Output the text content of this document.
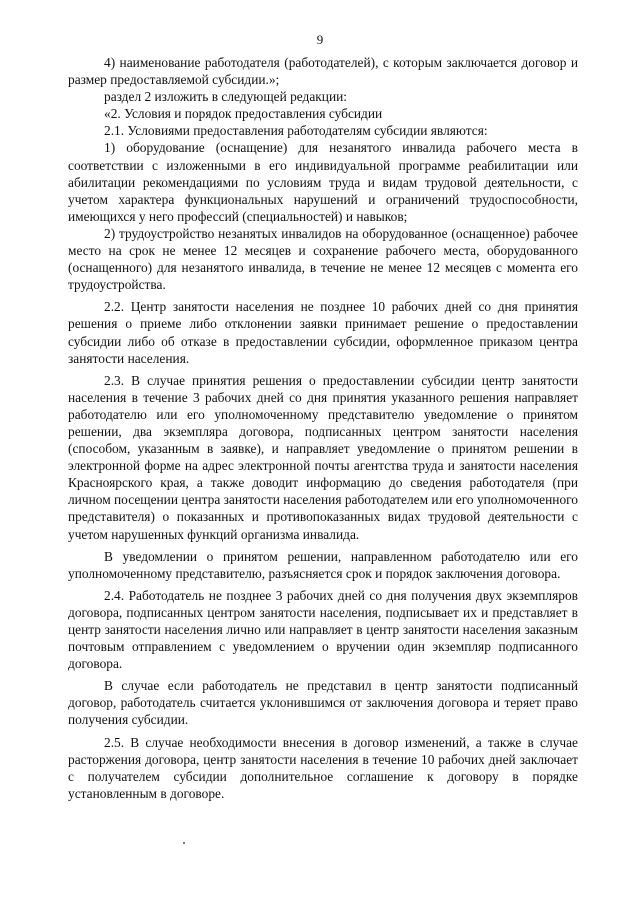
9

4) наименование работодателя (работодателей), с которым заключается договор и размер предоставляемой субсидии.»;

раздел 2 изложить в следующей редакции:

«2. Условия и порядок предоставления субсидии

2.1. Условиями предоставления работодателям субсидии являются:

1) оборудование (оснащение) для незанятого инвалида рабочего места в соответствии с изложенными в его индивидуальной программе реабилитации или абилитации рекомендациями по условиям труда и видам трудовой деятельности, с учетом характера функциональных нарушений и ограничений трудоспособности, имеющихся у него профессий (специальностей) и навыков;

2) трудоустройство незанятых инвалидов на оборудованное (оснащенное) рабочее место на срок не менее 12 месяцев и сохранение рабочего места, оборудованного (оснащенного) для незанятого инвалида, в течение не менее 12 месяцев с момента его трудоустройства.

2.2. Центр занятости населения не позднее 10 рабочих дней со дня принятия решения о приеме либо отклонении заявки принимает решение о предоставлении субсидии либо об отказе в предоставлении субсидии, оформленное приказом центра занятости населения.

2.3. В случае принятия решения о предоставлении субсидии центр занятости населения в течение 3 рабочих дней со дня принятия указанного решения направляет работодателю или его уполномоченному представителю уведомление о принятом решении, два экземпляра договора, подписанных центром занятости населения (способом, указанным в заявке), и направляет уведомление о принятом решении в электронной форме на адрес электронной почты агентства труда и занятости населения Красноярского края, а также доводит информацию до сведения работодателя (при личном посещении центра занятости населения работодателем или его уполномоченного представителя) о показанных и противопоказанных видах трудовой деятельности с учетом нарушенных функций организма инвалида.

В уведомлении о принятом решении, направленном работодателю или его уполномоченному представителю, разъясняется срок и порядок заключения договора.

2.4. Работодатель не позднее 3 рабочих дней со дня получения двух экземпляров договора, подписанных центром занятости населения, подписывает их и представляет в центр занятости населения лично или направляет в центр занятости населения заказным почтовым отправлением с уведомлением о вручении один экземпляр подписанного договора.

В случае если работодатель не представил в центр занятости подписанный договор, работодатель считается уклонившимся от заключения договора и теряет право получения субсидии.

2.5. В случае необходимости внесения в договор изменений, а также в случае расторжения договора, центр занятости населения в течение 10 рабочих дней заключает с получателем субсидии дополнительное соглашение к договору в порядке установленным в договоре.
